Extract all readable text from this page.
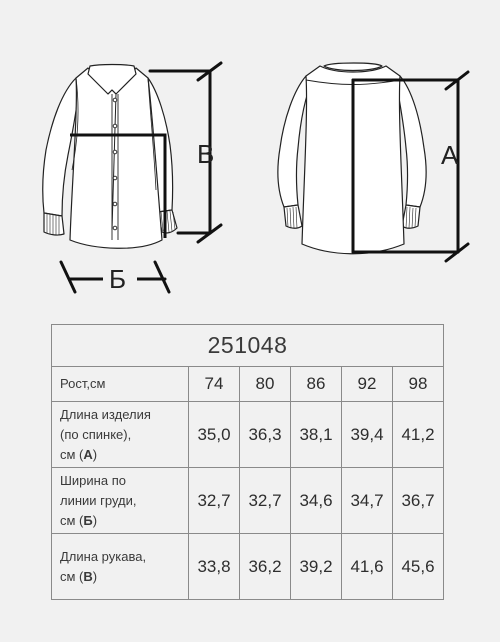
В
Б
А
251048					
Рост,см	74	80	86	92	98

Длина изделия
(по спинке),
см (А)	35,0	36,3	38,1	39,4	41,2

Ширина по
линии груди,
см (Б)	32,7	32,7	34,6	34,7	36,7

Длина рукава,
см (В)	33,8	36,2	39,2	41,6	45,6
